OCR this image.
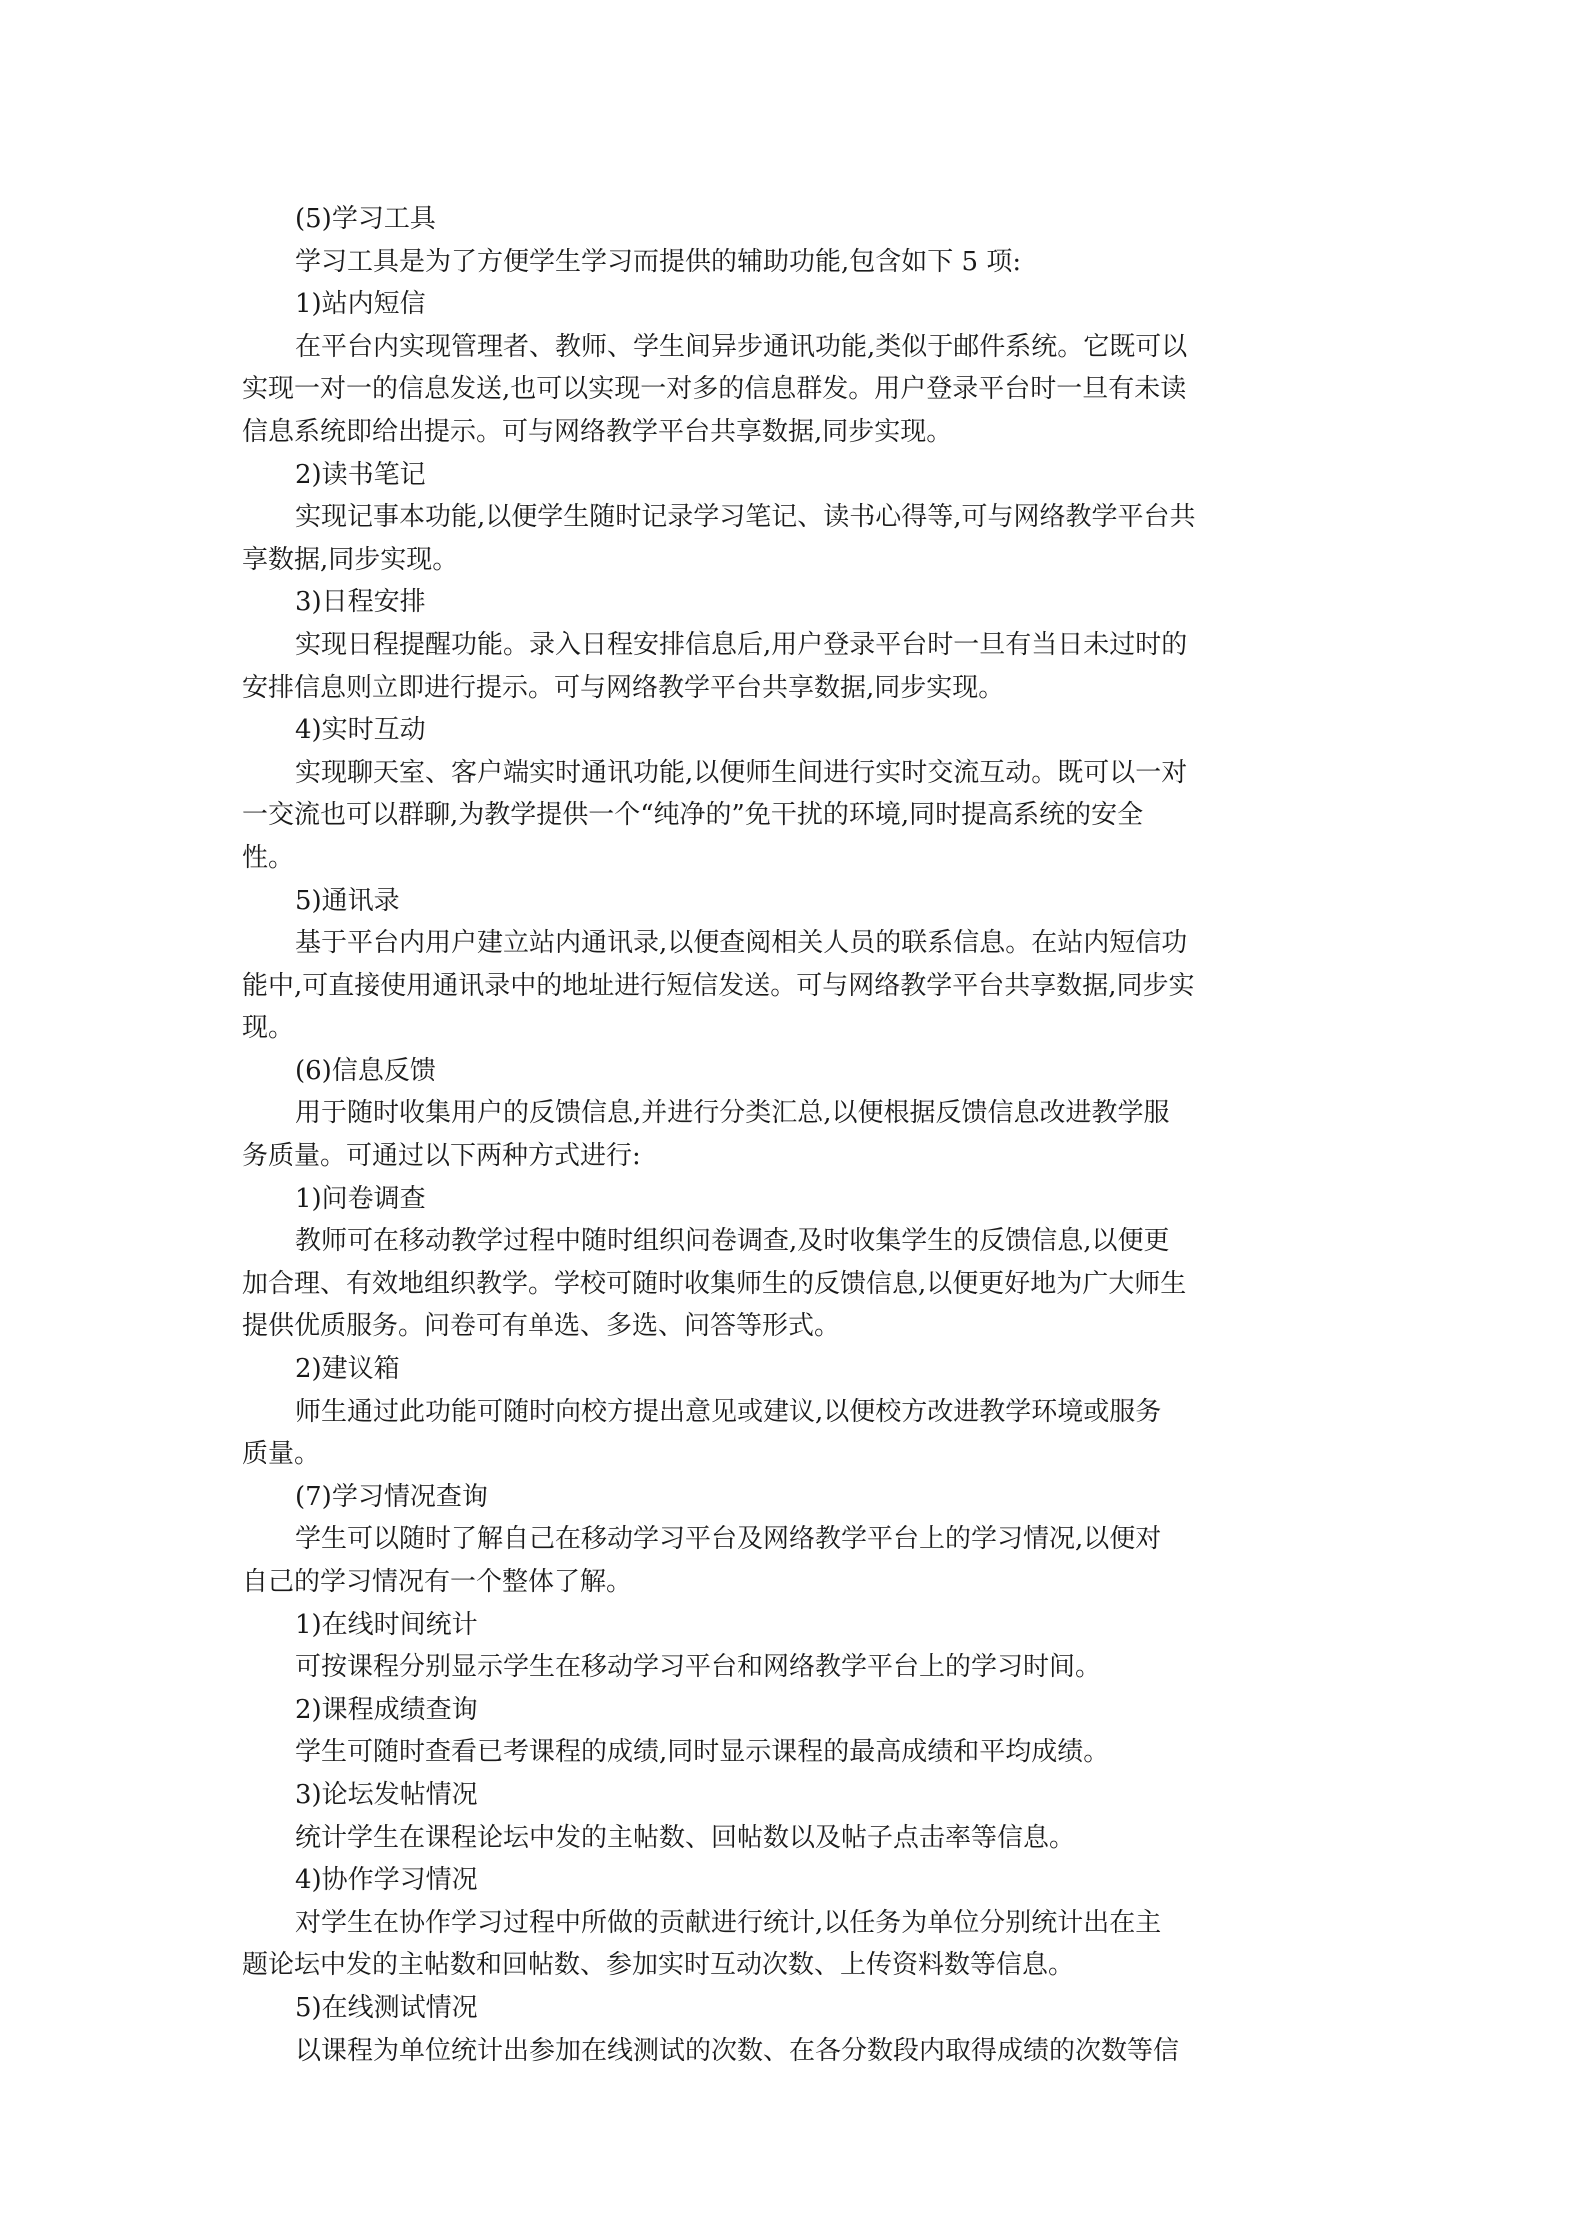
(5)学习工具

学习工具是为了方便学生学习而提供的辅助功能,包含如下 5 项:

1)站内短信

在平台内实现管理者、教师、学生间异步通讯功能,类似于邮件系统。它既可以

实现一对一的信息发送,也可以实现一对多的信息群发。用户登录平台时一旦有未读

信息系统即给出提示。可与网络教学平台共享数据,同步实现。

2)读书笔记

实现记事本功能,以便学生随时记录学习笔记、读书心得等,可与网络教学平台共

享数据,同步实现。

3)日程安排

实现日程提醒功能。录入日程安排信息后,用户登录平台时一旦有当日未过时的

安排信息则立即进行提示。可与网络教学平台共享数据,同步实现。

4)实时互动

实现聊天室、客户端实时通讯功能,以便师生间进行实时交流互动。既可以一对

一交流也可以群聊,为教学提供一个“纯净的”免干扰的环境,同时提高系统的安全

性。

5)通讯录

基于平台内用户建立站内通讯录,以便查阅相关人员的联系信息。在站内短信功

能中,可直接使用通讯录中的地址进行短信发送。可与网络教学平台共享数据,同步实

现。

(6)信息反馈

用于随时收集用户的反馈信息,并进行分类汇总,以便根据反馈信息改进教学服

务质量。可通过以下两种方式进行:

1)问卷调查

教师可在移动教学过程中随时组织问卷调查,及时收集学生的反馈信息,以便更

加合理、有效地组织教学。学校可随时收集师生的反馈信息,以便更好地为广大师生

提供优质服务。问卷可有单选、多选、问答等形式。

2)建议箱

师生通过此功能可随时向校方提出意见或建议,以便校方改进教学环境或服务

质量。

(7)学习情况查询

学生可以随时了解自己在移动学习平台及网络教学平台上的学习情况,以便对

自己的学习情况有一个整体了解。

1)在线时间统计

可按课程分别显示学生在移动学习平台和网络教学平台上的学习时间。

2)课程成绩查询

学生可随时查看已考课程的成绩,同时显示课程的最高成绩和平均成绩。

3)论坛发帖情况

统计学生在课程论坛中发的主帖数、回帖数以及帖子点击率等信息。

4)协作学习情况

对学生在协作学习过程中所做的贡献进行统计,以任务为单位分别统计出在主

题论坛中发的主帖数和回帖数、参加实时互动次数、上传资料数等信息。

5)在线测试情况

以课程为单位统计出参加在线测试的次数、在各分数段内取得成绩的次数等信
